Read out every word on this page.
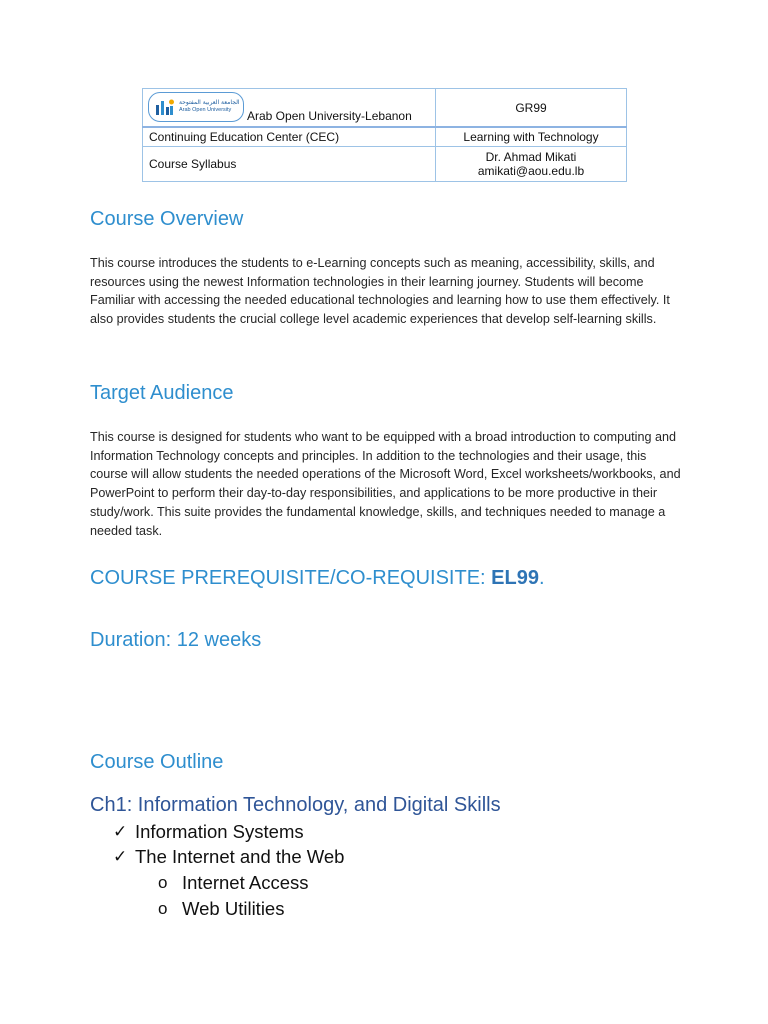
الجامعة العربية المفتوحة
Arab Open University Arab Open University-Lebanon	GR99
Continuing Education Center (CEC)	Learning with Technology
Course Syllabus	Dr. Ahmad Mikati
amikati@aou.edu.lb
Course Overview

This course introduces the students to e-Learning concepts such as meaning, accessibility, skills, and resources using the newest Information technologies in their learning journey. Students will become Familiar with accessing the needed educational technologies and learning how to use them effectively. It also provides students the crucial college level academic experiences that develop self-learning skills.

Target Audience

This course is designed for students who want to be equipped with a broad introduction to computing and Information Technology concepts and principles. In addition to the technologies and their usage, this course will allow students the needed operations of the Microsoft Word, Excel worksheets/workbooks, and PowerPoint to perform their day-to-day responsibilities, and applications to be more productive in their study/work. This suite provides the fundamental knowledge, skills, and techniques needed to manage a needed task.

COURSE PREREQUISITE/CO-REQUISITE: EL99.
Duration: 12 weeks
Course Outline
Ch1: Information Technology, and Digital Skills
✓ Information Systems
✓ The Internet and the Web
o Internet Access
o Web Utilities
